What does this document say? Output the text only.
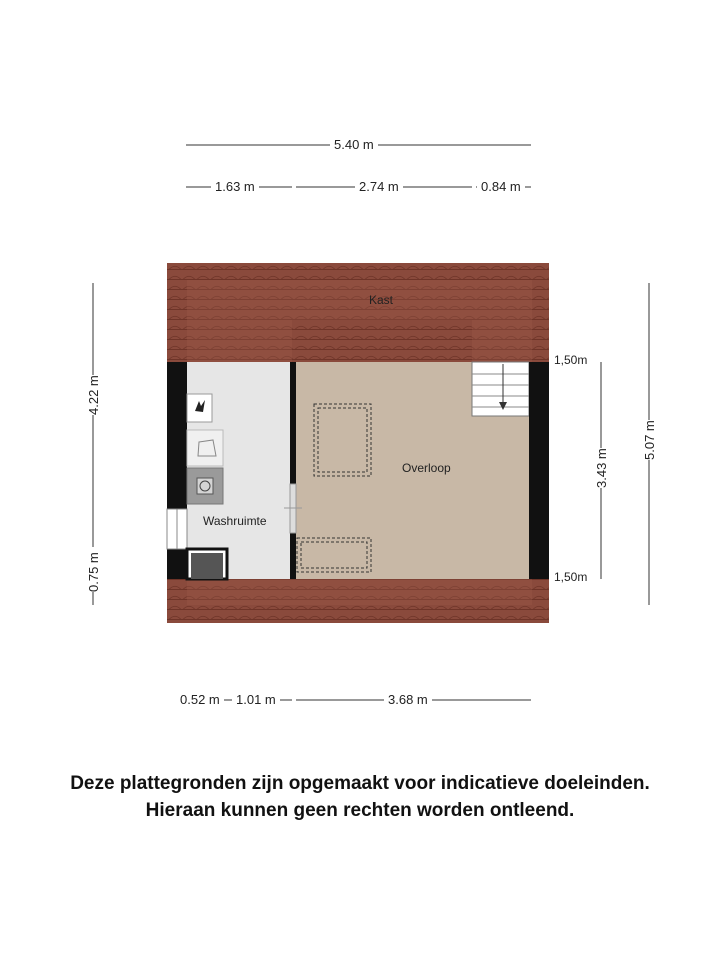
5.40 m
1.63 m	2.74 m	0.84 m
0.52 m	1.01 m	3.68 m
4.22 m
0.75 m
3.43 m
5.07 m
1,50m
1,50m
Kast
Overloop
Washruimte
Deze plattegronden zijn opgemaakt voor indicatieve doeleinden.
Hieraan kunnen geen rechten worden ontleend.
